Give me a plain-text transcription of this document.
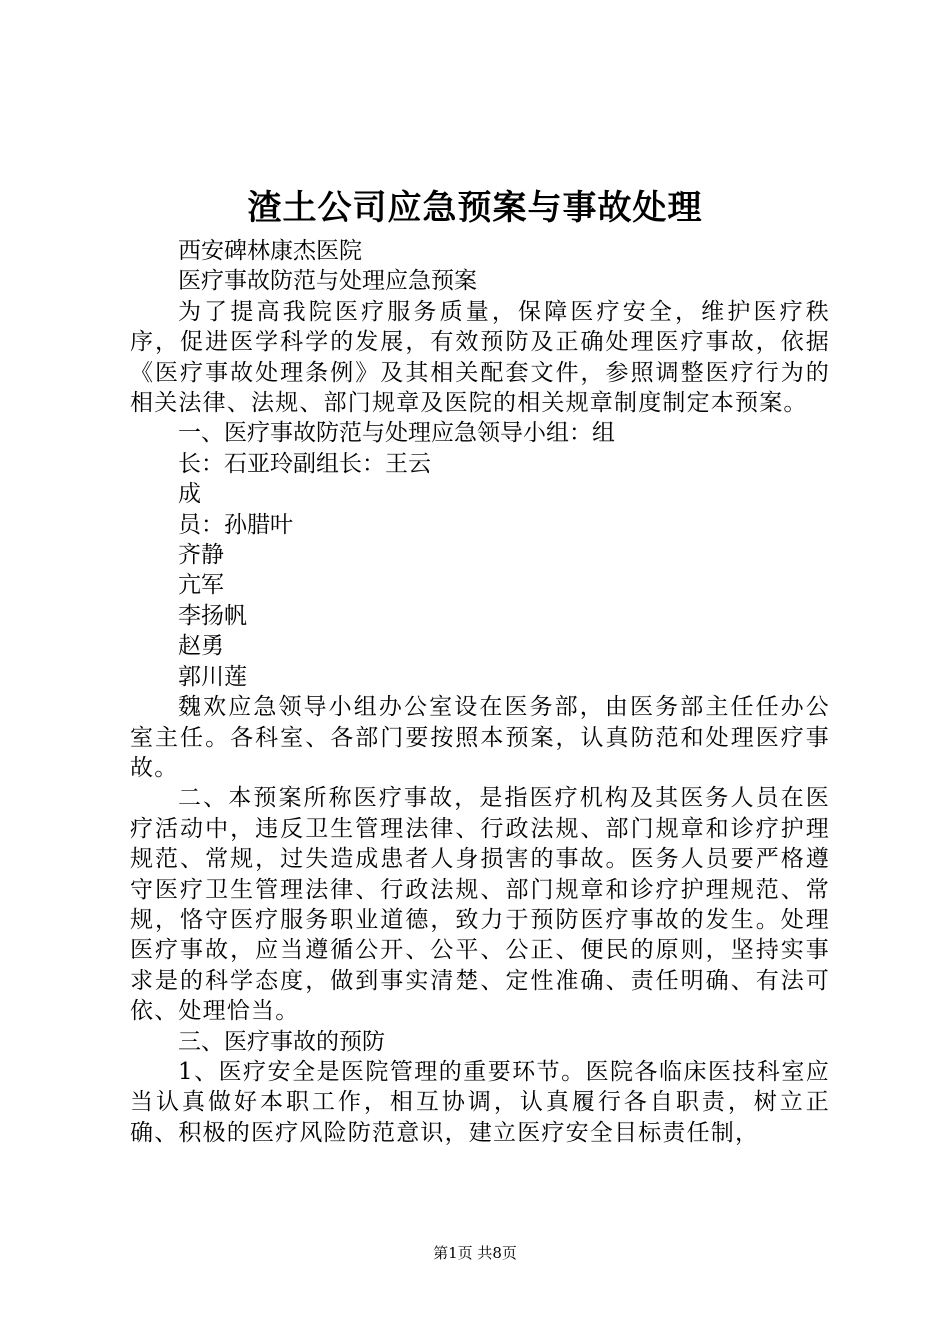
渣土公司应急预案与事故处理
西安碑林康杰医院
医疗事故防范与处理应急预案
为了提高我院医疗服务质量，保障医疗安全，维护医疗秩序，促进医学科学的发展，有效预防及正确处理医疗事故，依据《医疗事故处理条例》及其相关配套文件，参照调整医疗行为的相关法律、法规、部门规章及医院的相关规章制度制定本预案。
一、医疗事故防范与处理应急领导小组：组
长：石亚玲副组长：王云
成
员：孙腊叶
齐静
亢军
李扬帆
赵勇
郭川莲
魏欢应急领导小组办公室设在医务部，由医务部主任任办公室主任。各科室、各部门要按照本预案，认真防范和处理医疗事故。
二、本预案所称医疗事故，是指医疗机构及其医务人员在医疗活动中，违反卫生管理法律、行政法规、部门规章和诊疗护理规范、常规，过失造成患者人身损害的事故。医务人员要严格遵守医疗卫生管理法律、行政法规、部门规章和诊疗护理规范、常规，恪守医疗服务职业道德，致力于预防医疗事故的发生。处理医疗事故，应当遵循公开、公平、公正、便民的原则，坚持实事求是的科学态度，做到事实清楚、定性准确、责任明确、有法可依、处理恰当。
三、医疗事故的预防
1、医疗安全是医院管理的重要环节。医院各临床医技科室应当认真做好本职工作，相互协调，认真履行各自职责，树立正确、积极的医疗风险防范意识，建立医疗安全目标责任制，
第1页 共8页
